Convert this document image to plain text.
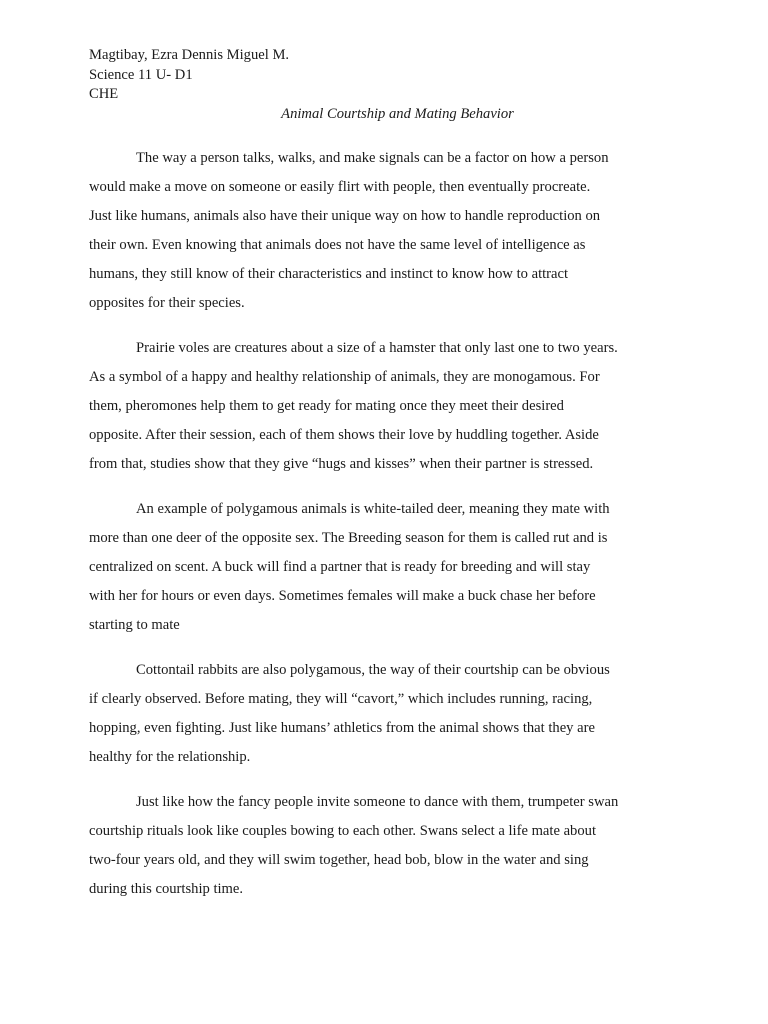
Magtibay, Ezra Dennis Miguel M.

Science 11 U- D1

CHE

Animal Courtship and Mating Behavior

The way a person talks, walks, and make signals can be a factor on how a person
would make a move on someone or easily flirt with people, then eventually procreate.
Just like humans, animals also have their unique way on how to handle reproduction on
their own. Even knowing that animals does not have the same level of intelligence as
humans, they still know of their characteristics and instinct to know how to attract
opposites for their species.
Prairie voles are creatures about a size of a hamster that only last one to two years.
As a symbol of a happy and healthy relationship of animals, they are monogamous. For
them, pheromones help them to get ready for mating once they meet their desired
opposite. After their session, each of them shows their love by huddling together. Aside
from that, studies show that they give “hugs and kisses” when their partner is stressed.
An example of polygamous animals is white-tailed deer, meaning they mate with
more than one deer of the opposite sex. The Breeding season for them is called rut and is
centralized on scent. A buck will find a partner that is ready for breeding and will stay
with her for hours or even days. Sometimes females will make a buck chase her before
starting to mate
Cottontail rabbits are also polygamous, the way of their courtship can be obvious
if clearly observed. Before mating, they will “cavort,” which includes running, racing,
hopping, even fighting. Just like humans’ athletics from the animal shows that they are
healthy for the relationship.
Just like how the fancy people invite someone to dance with them, trumpeter swan
courtship rituals look like couples bowing to each other. Swans select a life mate about
two-four years old, and they will swim together, head bob, blow in the water and sing
during this courtship time.
